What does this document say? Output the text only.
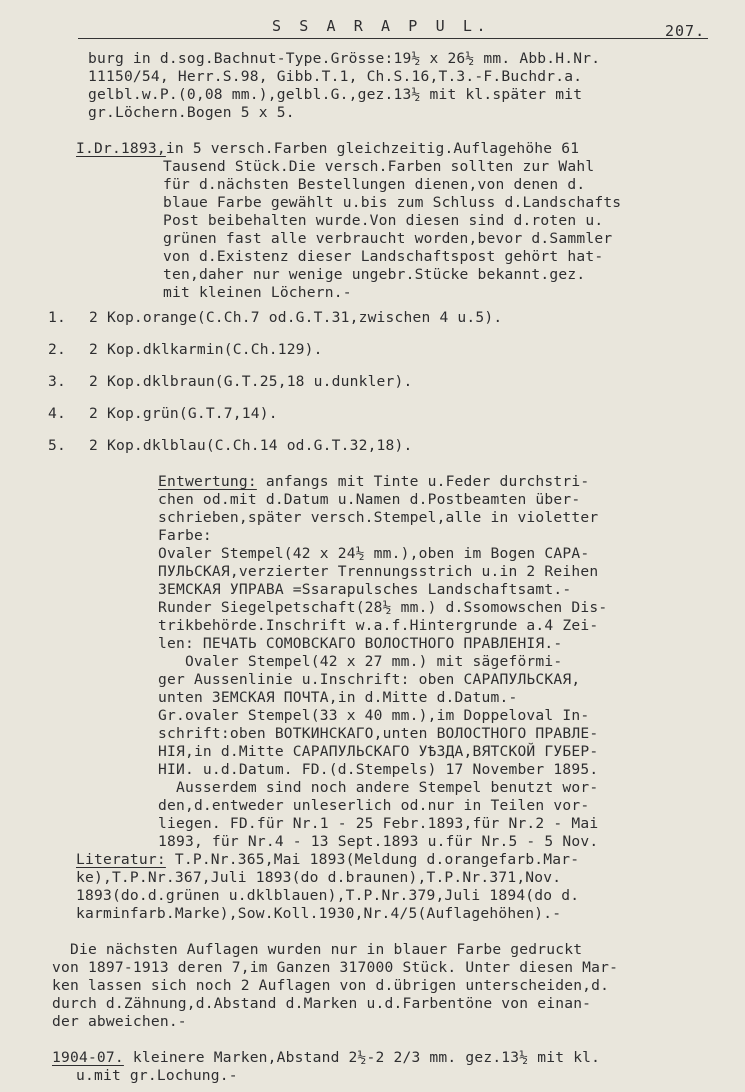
S S A R A P U L.	207.
burg in d.sog.Bachnut-Type.Grösse:19½ x 26½ mm. Abb.H.Nr.
11150/54, Herr.S.98, Gibb.T.1, Ch.S.16,T.3.-F.Buchdr.a.
gelbl.w.P.(0,08 mm.),gelbl.G.,gez.13½ mit kl.später mit
gr.Löchern.Bogen 5 x 5.
I.Dr.1893,in 5 versch.Farben gleichzeitig.Auflagehöhe 61
Tausend Stück.Die versch.Farben sollten zur Wahl
für d.nächsten Bestellungen dienen,von denen d.
blaue Farbe gewählt u.bis zum Schluss d.Landschafts
Post beibehalten wurde.Von diesen sind d.roten u.
grünen fast alle verbraucht worden,bevor d.Sammler
von d.Existenz dieser Landschaftspost gehört hat-
ten,daher nur wenige ungebr.Stücke bekannt.gez.
mit kleinen Löchern.-
1. 2 Kop.orange(C.Ch.7 od.G.T.31,zwischen 4 u.5).
2. 2 Kop.dklkarmin(C.Ch.129).
3. 2 Kop.dklbraun(G.T.25,18 u.dunkler).
4. 2 Kop.grün(G.T.7,14).
5. 2 Kop.dklblau(C.Ch.14 od.G.T.32,18).
Entwertung: anfangs mit Tinte u.Feder durchstri-
chen od.mit d.Datum u.Namen d.Postbeamten über-
schrieben,später versch.Stempel,alle in violetter
Farbe:
Ovaler Stempel(42 x 24½ mm.),oben im Bogen САРА-
ПУЛЬСКАЯ,verzierter Trennungsstrich u.in 2 Reihen
ЗЕМСКАЯ УПРАВА =Ssarapulsches Landschaftsamt.-
Runder Siegelpetschaft(28½ mm.) d.Ssomowschen Dis-
trikbehörde.Inschrift w.a.f.Hintergrunde a.4 Zei-
len: ПЕЧАТЬ СОМОВСКАГО ВОЛОСТНОГО ПРАВЛЕНIЯ.-
Ovaler Stempel(42 x 27 mm.) mit sägeförmi-
ger Aussenlinie u.Inschrift: oben САРАПУЛЬСКАЯ,
unten ЗЕМСКАЯ ПОЧТА,in d.Mitte d.Datum.-
Gr.ovaler Stempel(33 x 40 mm.),im Doppeloval In-
schrift:oben ВОТКИНСКАГО,unten ВОЛОСТНОГО ПРАВЛЕ-
НIЯ,in d.Mitte САРАПУЛЬСКАГО УѢЗДА,ВЯТСКОЙ ГУБЕР-
НIИ. u.d.Datum. FD.(d.Stempels) 17 November 1895.
Ausserdem sind noch andere Stempel benutzt wor-
den,d.entweder unleserlich od.nur in Teilen vor-
liegen. FD.für Nr.1 - 25 Febr.1893,für Nr.2 - Mai
1893, für Nr.4 - 13 Sept.1893 u.für Nr.5 - 5 Nov.
Literatur: T.P.Nr.365,Mai 1893(Meldung d.orangefarb.Mar-
ke),T.P.Nr.367,Juli 1893(do d.braunen),T.P.Nr.371,Nov.
1893(do.d.grünen u.dklblauen),T.P.Nr.379,Juli 1894(do d.
karminfarb.Marke),Sow.Koll.1930,Nr.4/5(Auflagehöhen).-
Die nächsten Auflagen wurden nur in blauer Farbe gedruckt
von 1897-1913 deren 7,im Ganzen 317000 Stück. Unter diesen Mar-
ken lassen sich noch 2 Auflagen von d.übrigen unterscheiden,d.
durch d.Zähnung,d.Abstand d.Marken u.d.Farbentöne von einan-
der abweichen.-
1904-07. kleinere Marken,Abstand 2½-2 2/3 mm. gez.13½ mit kl.
u.mit gr.Lochung.-
